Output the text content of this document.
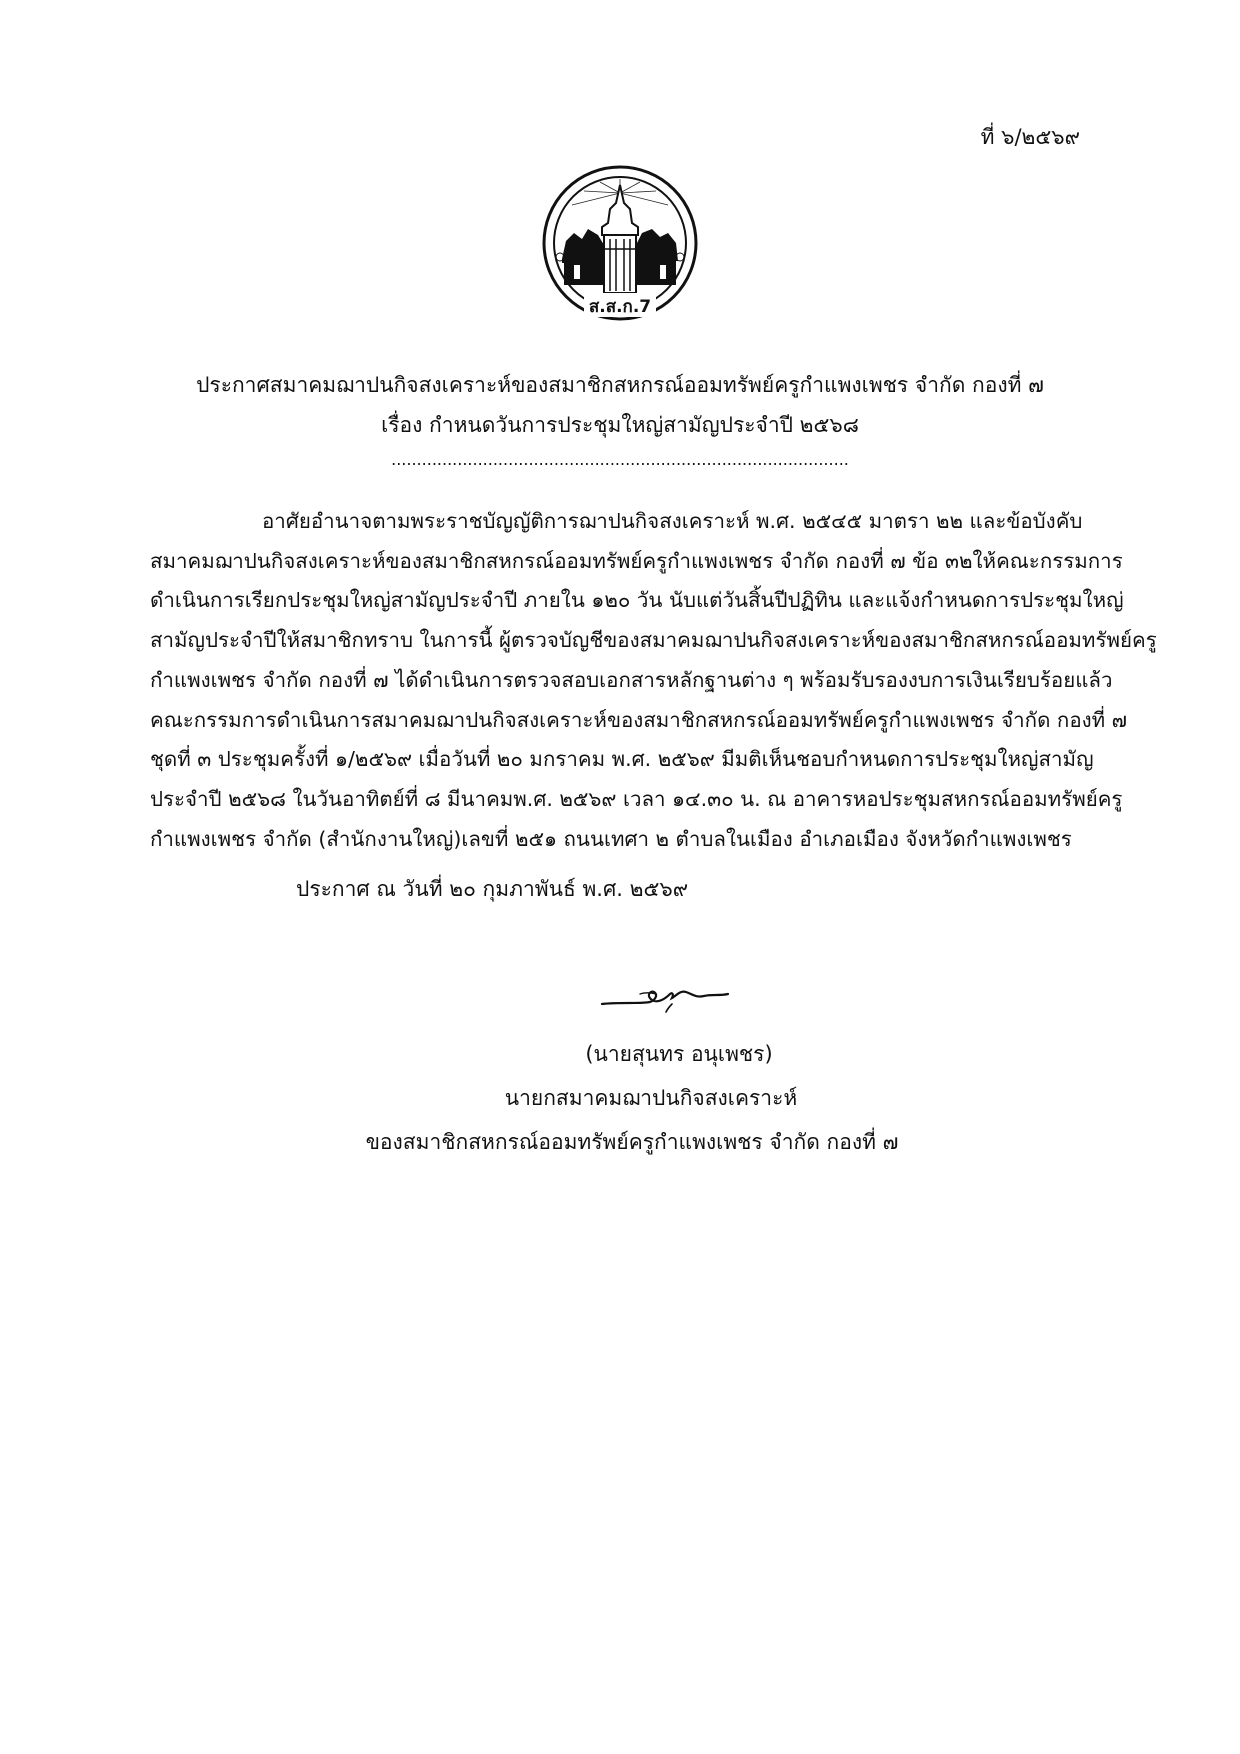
ที่ ๖/๒๕๖๙
ส.ส.ก.7
ประกาศสมาคมฌาปนกิจสงเคราะห์ของสมาชิกสหกรณ์ออมทรัพย์ครูกำแพงเพชร จำกัด กองที่ ๗
เรื่อง กำหนดวันการประชุมใหญ่สามัญประจำปี ๒๕๖๘
..........................................................................................
อาศัยอำนาจตามพระราชบัญญัติการฌาปนกิจสงเคราะห์ พ.ศ. ๒๕๔๕ มาตรา ๒๒ และข้อบังคับ
สมาคมฌาปนกิจสงเคราะห์ของสมาชิกสหกรณ์ออมทรัพย์ครูกำแพงเพชร จำกัด กองที่ ๗ ข้อ ๓๒ให้คณะกรรมการ
ดำเนินการเรียกประชุมใหญ่สามัญประจำปี ภายใน ๑๒๐ วัน นับแต่วันสิ้นปีปฏิทิน และแจ้งกำหนดการประชุมใหญ่
สามัญประจำปีให้สมาชิกทราบ ในการนี้ ผู้ตรวจบัญชีของสมาคมฌาปนกิจสงเคราะห์ของสมาชิกสหกรณ์ออมทรัพย์ครู
กำแพงเพชร จำกัด กองที่ ๗ ได้ดำเนินการตรวจสอบเอกสารหลักฐานต่าง ๆ พร้อมรับรองงบการเงินเรียบร้อยแล้ว
คณะกรรมการดำเนินการสมาคมฌาปนกิจสงเคราะห์ของสมาชิกสหกรณ์ออมทรัพย์ครูกำแพงเพชร จำกัด กองที่ ๗
ชุดที่ ๓ ประชุมครั้งที่ ๑/๒๕๖๙ เมื่อวันที่ ๒๐ มกราคม พ.ศ. ๒๕๖๙ มีมติเห็นชอบกำหนดการประชุมใหญ่สามัญ
ประจำปี ๒๕๖๘ ในวันอาทิตย์ที่ ๘ มีนาคมพ.ศ. ๒๕๖๙ เวลา ๑๔.๓๐ น. ณ อาคารหอประชุมสหกรณ์ออมทรัพย์ครู
กำแพงเพชร จำกัด (สำนักงานใหญ่)เลขที่ ๒๕๑ ถนนเทศา ๒ ตำบลในเมือง อำเภอเมือง จังหวัดกำแพงเพชร
ประกาศ ณ วันที่ ๒๐ กุมภาพันธ์ พ.ศ. ๒๕๖๙
(นายสุนทร อนุเพชร)
นายกสมาคมฌาปนกิจสงเคราะห์
ของสมาชิกสหกรณ์ออมทรัพย์ครูกำแพงเพชร จำกัด กองที่ ๗
